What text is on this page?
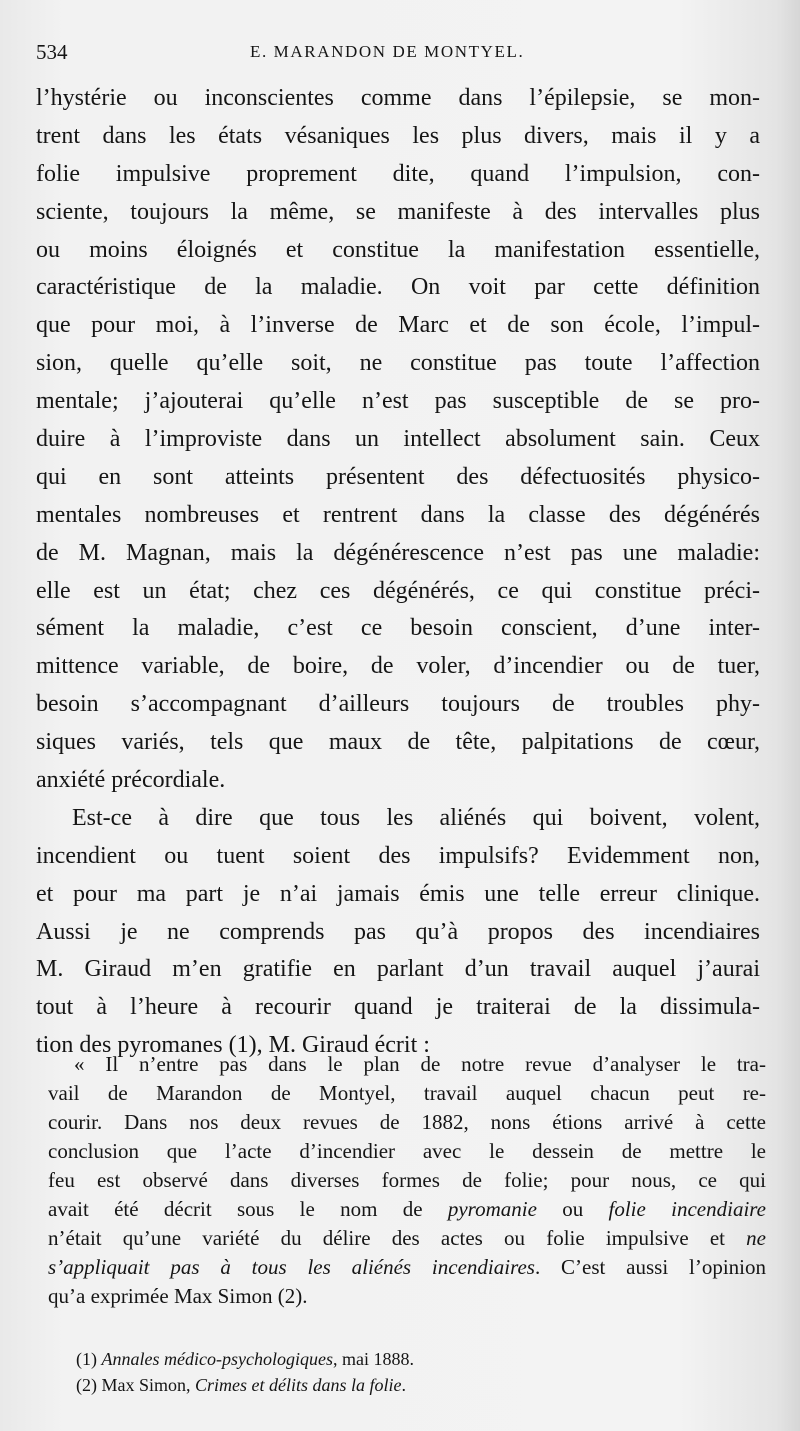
534	E. MARANDON DE MONTYEL.
l’hystérie ou inconscientes comme dans l’épilepsie, se mon-
trent dans les états vésaniques les plus divers, mais il y a
folie impulsive proprement dite, quand l’impulsion, con-
sciente, toujours la même, se manifeste à des intervalles plus
ou moins éloignés et constitue la manifestation essentielle,
caractéristique de la maladie. On voit par cette définition
que pour moi, à l’inverse de Marc et de son école, l’impul-
sion, quelle qu’elle soit, ne constitue pas toute l’affection
mentale; j’ajouterai qu’elle n’est pas susceptible de se pro-
duire à l’improviste dans un intellect absolument sain. Ceux
qui en sont atteints présentent des défectuosités physico-
mentales nombreuses et rentrent dans la classe des dégénérés
de M. Magnan, mais la dégénérescence n’est pas une maladie:
elle est un état; chez ces dégénérés, ce qui constitue préci-
sément la maladie, c’est ce besoin conscient, d’une inter-
mittence variable, de boire, de voler, d’incendier ou de tuer,
besoin s’accompagnant d’ailleurs toujours de troubles phy-
siques variés, tels que maux de tête, palpitations de cœur,
anxiété précordiale.
Est-ce à dire que tous les aliénés qui boivent, volent,
incendient ou tuent soient des impulsifs? Evidemment non,
et pour ma part je n’ai jamais émis une telle erreur clinique.
Aussi je ne comprends pas qu’à propos des incendiaires
M. Giraud m’en gratifie en parlant d’un travail auquel j’aurai
tout à l’heure à recourir quand je traiterai de la dissimula-
tion des pyromanes (1), M. Giraud écrit :
« Il n’entre pas dans le plan de notre revue d’analyser le tra-
vail de Marandon de Montyel, travail auquel chacun peut re-
courir. Dans nos deux revues de 1882, nons étions arrivé à cette
conclusion que l’acte d’incendier avec le dessein de mettre le
feu est observé dans diverses formes de folie; pour nous, ce qui
avait été décrit sous le nom de pyromanie ou folie incendiaire
n’était qu’une variété du délire des actes ou folie impulsive et ne
s’appliquait pas à tous les aliénés incendiaires. C’est aussi l’opinion
qu’a exprimée Max Simon (2).
(1) Annales médico-psychologiques, mai 1888.
(2) Max Simon, Crimes et délits dans la folie.
